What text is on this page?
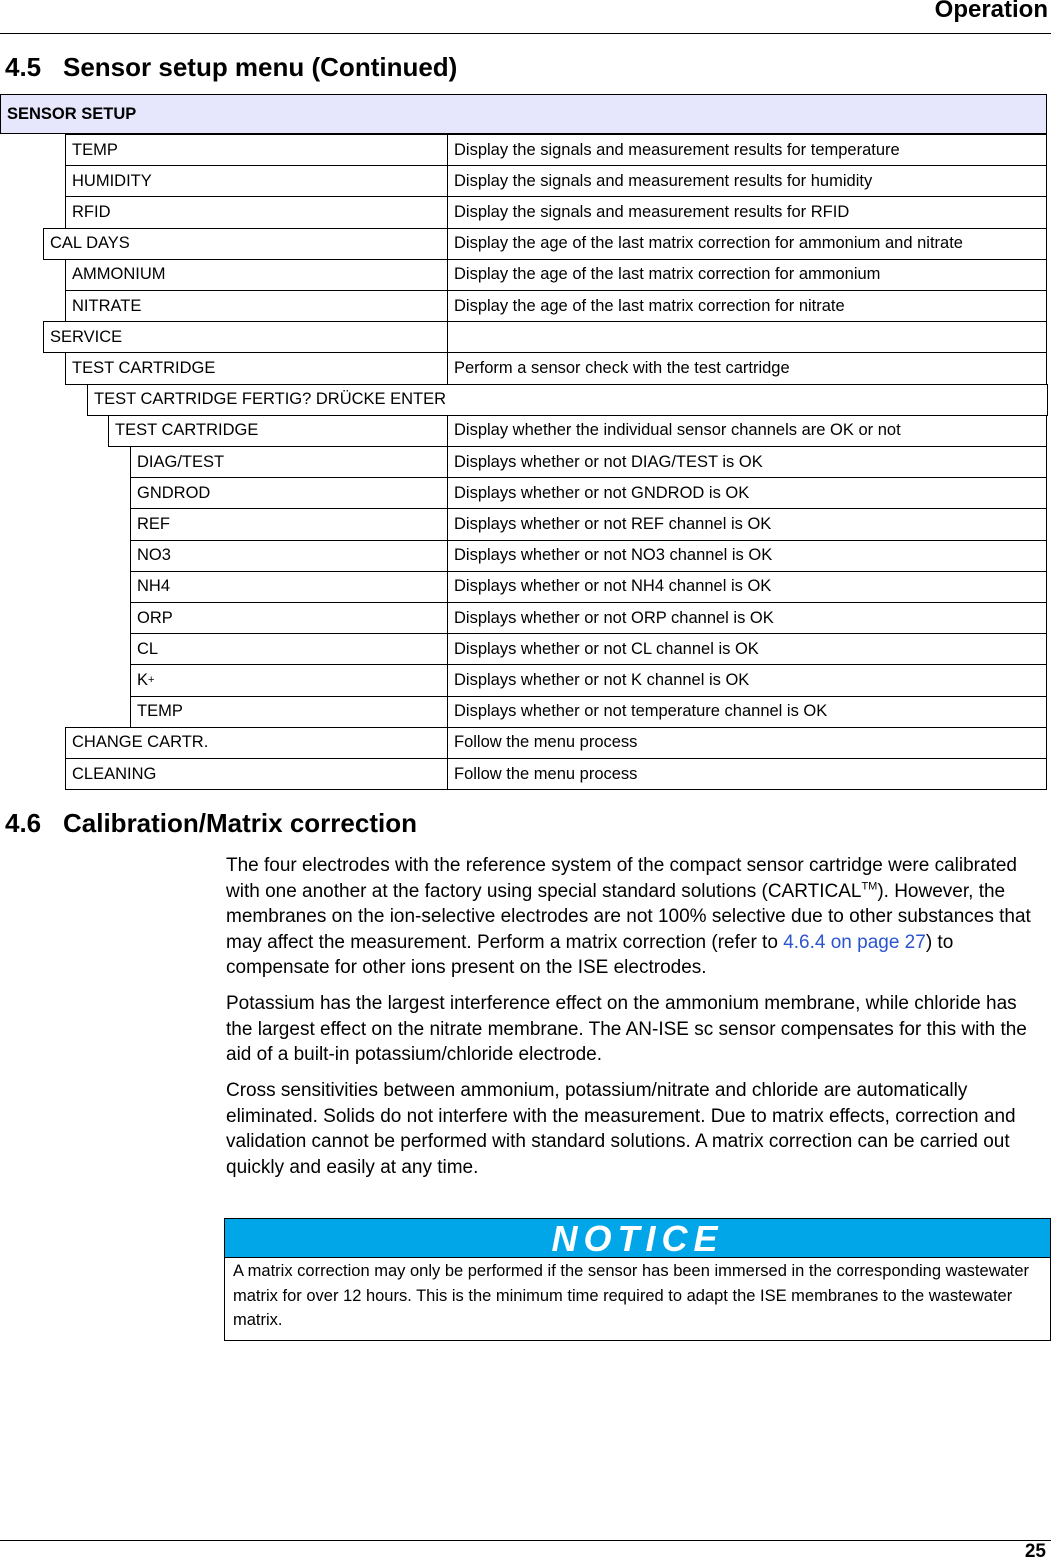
Operation
4.5 Sensor setup menu (Continued)
SENSOR SETUP
TEMP	Display the signals and measurement results for temperature
HUMIDITY	Display the signals and measurement results for humidity
RFID	Display the signals and measurement results for RFID
CAL DAYS	Display the age of the last matrix correction for ammonium and nitrate
AMMONIUM	Display the age of the last matrix correction for ammonium
NITRATE	Display the age of the last matrix correction for nitrate
SERVICE
TEST CARTRIDGE	Perform a sensor check with the test cartridge
TEST CARTRIDGE FERTIG? DRÜCKE ENTER
TEST CARTRIDGE	Display whether the individual sensor channels are OK or not
DIAG/TEST	Displays whether or not DIAG/TEST is OK
GNDROD	Displays whether or not GNDROD is OK
REF	Displays whether or not REF channel is OK
NO3	Displays whether or not NO3 channel is OK
NH4	Displays whether or not NH4 channel is OK
ORP	Displays whether or not ORP channel is OK
CL	Displays whether or not CL channel is OK
K +	Displays whether or not K channel is OK
TEMP	Displays whether or not temperature channel is OK
CHANGE CARTR.	Follow the menu process
CLEANING	Follow the menu process
4.6 Calibration/Matrix correction

The four electrodes with the reference system of the compact sensor cartridge were calibrated with one another at the factory using special standard solutions (CARTICAL™). However, the membranes on the ion-selective electrodes are not 100% selective due to other substances that may affect the measurement. Perform a matrix correction (refer to 4.6.4 on page 27) to compensate for other ions present on the ISE electrodes.

Potassium has the largest interference effect on the ammonium membrane, while chloride has the largest effect on the nitrate membrane. The AN-ISE sc sensor compensates for this with the aid of a built-in potassium/chloride electrode.

Cross sensitivities between ammonium, potassium/nitrate and chloride are automatically eliminated. Solids do not interfere with the measurement. Due to matrix effects, correction and validation cannot be performed with standard solutions. A matrix correction can be carried out quickly and easily at any time.

NOTICE
A matrix correction may only be performed if the sensor has been immersed in the corresponding wastewater matrix for over 12 hours. This is the minimum time required to adapt the ISE membranes to the wastewater matrix.
25
